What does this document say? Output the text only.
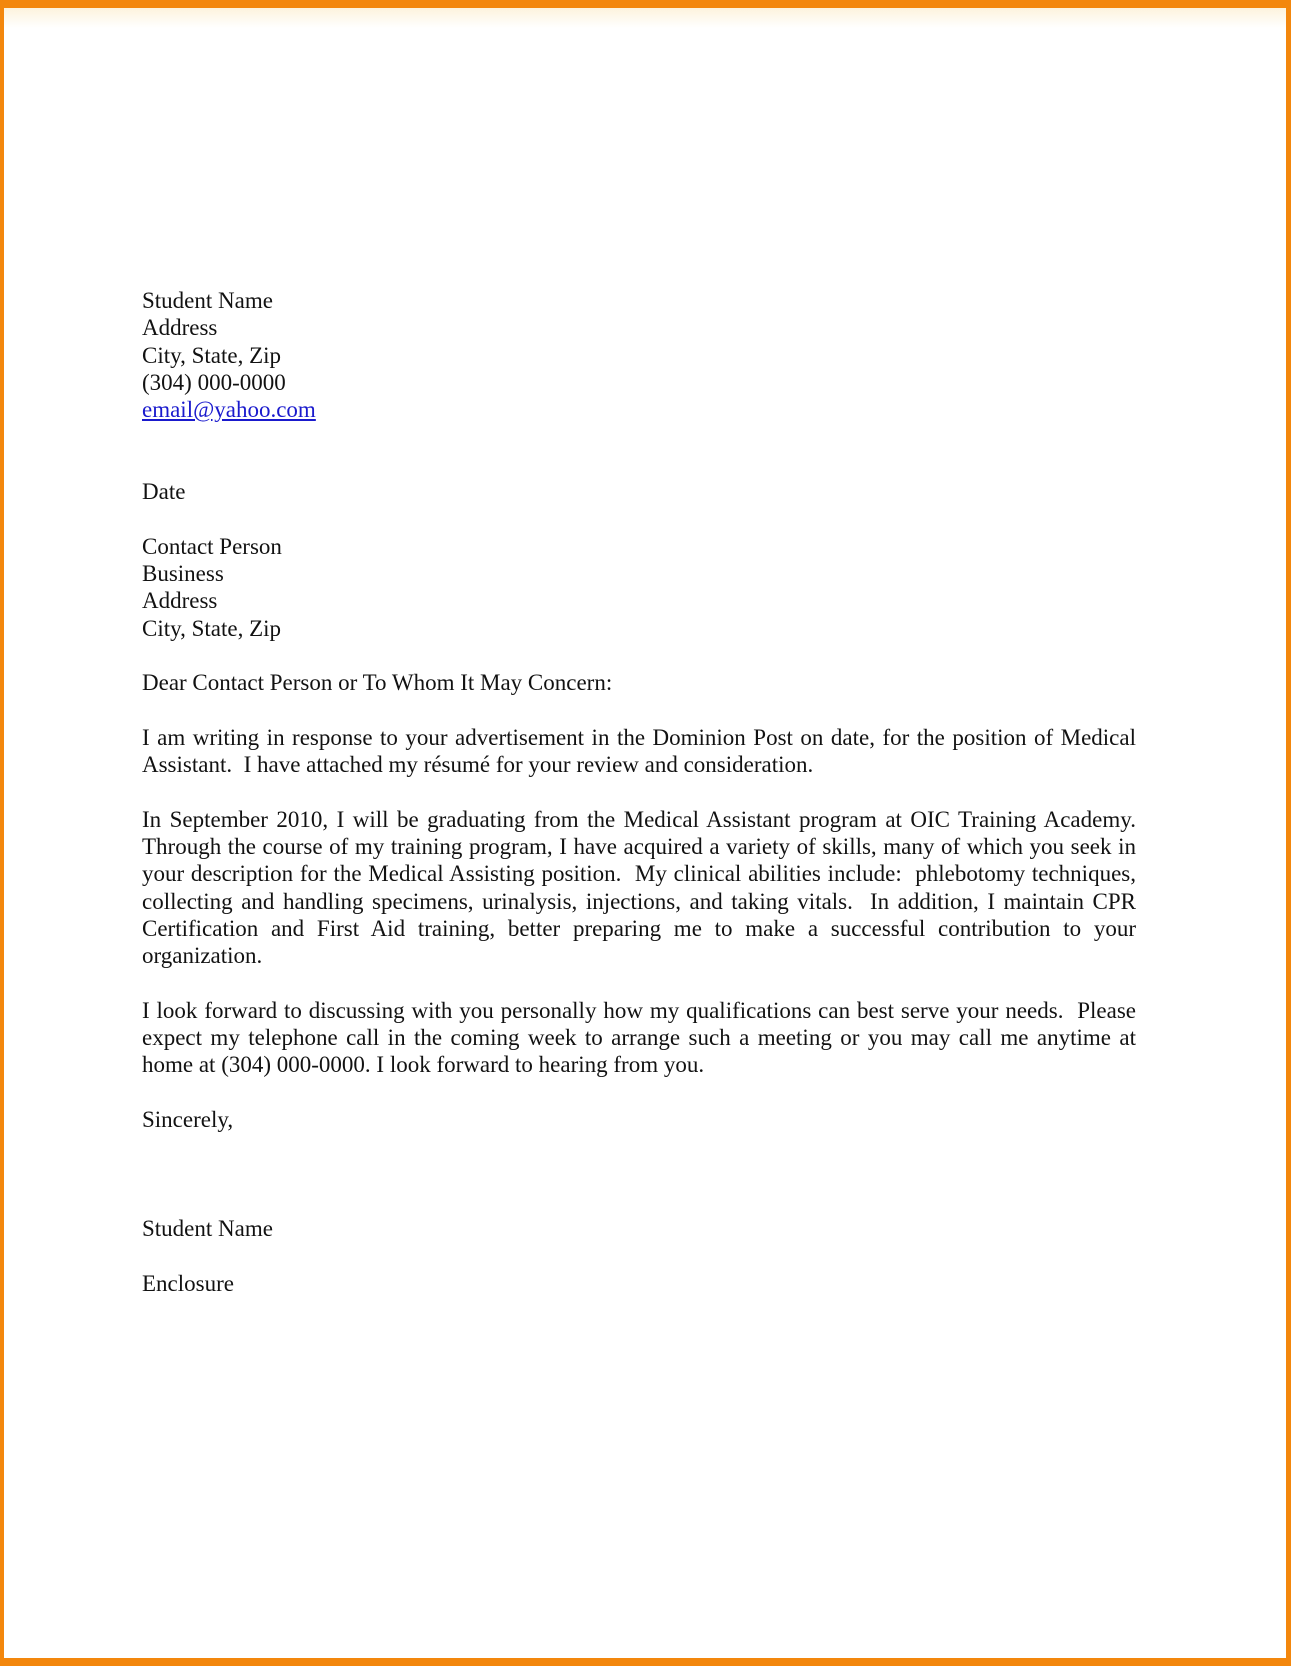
Student Name

Address

City, State, Zip

(304) 000-0000

email@yahoo.com

Date

Contact Person

Business

Address

City, State, Zip

Dear Contact Person or To Whom It May Concern:

I am writing in response to your advertisement in the Dominion Post on date, for the position of Medical Assistant.  I have attached my résumé for your review and consideration.

In September 2010, I will be graduating from the Medical Assistant program at OIC Training Academy.   Through the course of my training program, I have acquired a variety of skills, many of which you seek in your description for the Medical Assisting position.  My clinical abilities include:  phlebotomy techniques, collecting and handling specimens, urinalysis, injections, and taking vitals.  In addition, I maintain CPR Certification and First Aid training, better preparing me to make a successful contribution to your organization.

I look forward to discussing with you personally how my qualifications can best serve your needs.  Please expect my telephone call in the coming week to arrange such a meeting or you may call me anytime at home at (304) 000-0000. I look forward to hearing from you.

Sincerely,

Student Name

Enclosure
